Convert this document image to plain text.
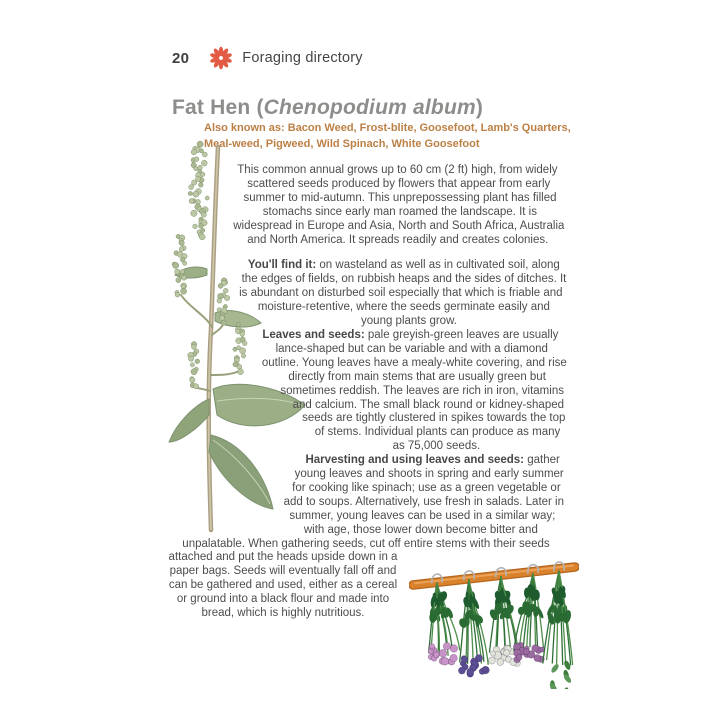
20	Foraging directory
Fat Hen (Chenopodium album)

Also known as: Bacon Weed, Frost-blite, Goosefoot, Lamb's Quarters, Meal-weed, Pigweed, Wild Spinach, White Goosefoot

This common annual grows up to 60 cm (2 ft) high, from widely scattered seeds produced by flowers that appear from early summer to mid-autumn. This unprepossessing plant has filled stomachs since early man roamed the landscape. It is widespread in Europe and Asia, North and South Africa, Australia and North America. It spreads readily and creates colonies.

You'll find it: on wasteland as well as in cultivated soil, along the edges of fields, on rubbish heaps and the sides of ditches. It is abundant on disturbed soil especially that which is friable and moisture-retentive, where the seeds germinate easily and young plants grow.

Leaves and seeds: pale greyish-green leaves are usually lance-shaped but can be variable and with a diamond outline. Young leaves have a mealy-white covering, and rise directly from main stems that are usually green but sometimes reddish. The leaves are rich in iron, vitamins and calcium. The small black round or kidney-shaped seeds are tightly clustered in spikes towards the top of stems. Individual plants can produce as many as 75,000 seeds.

Harvesting and using leaves and seeds: gather young leaves and shoots in spring and early summer for cooking like spinach; use as a green vegetable or add to soups. Alternatively, use fresh in salads. Later in summer, young leaves can be used in a similar way; with age, those lower down become bitter and unpalatable. When gathering seeds, cut off entire stems with their seeds attached and put the heads upside down in a paper bags. Seeds will eventually fall off and can be gathered and used, either as a cereal or ground into a black flour and made into bread, which is highly nutritious.
